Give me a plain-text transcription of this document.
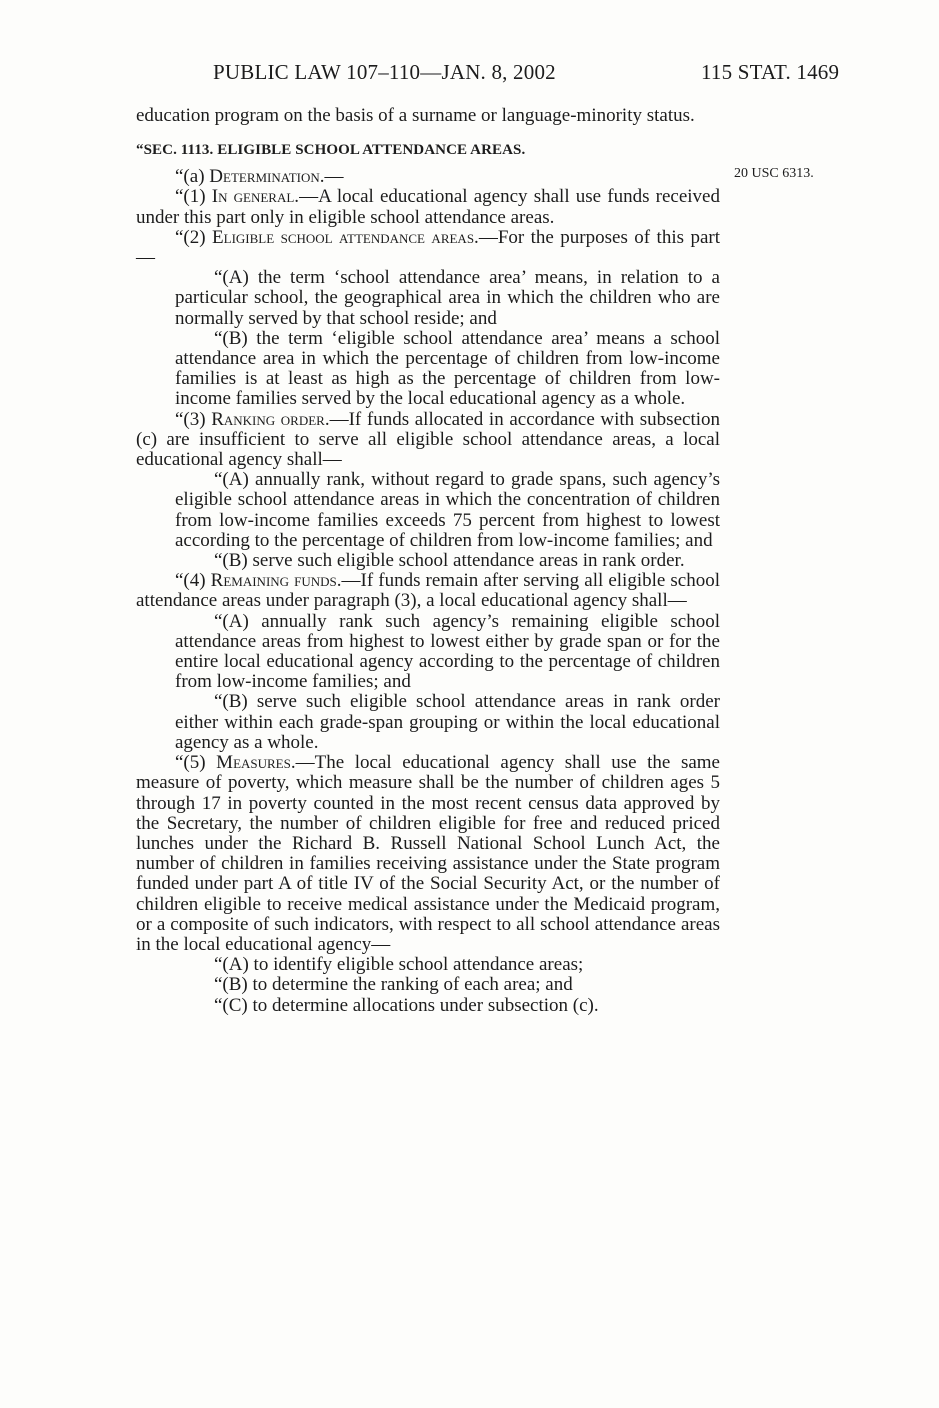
PUBLIC LAW 107–110—JAN. 8, 2002	115 STAT. 1469
20 USC 6313.

education program on the basis of a surname or language-minority status.

“SEC. 1113. ELIGIBLE SCHOOL ATTENDANCE AREAS.

“(a) Determination.—

“(1) In general.—A local educational agency shall use funds received under this part only in eligible school attendance areas.

“(2) Eligible school attendance areas.—For the purposes of this part—

“(A) the term ‘school attendance area’ means, in relation to a particular school, the geographical area in which the children who are normally served by that school reside; and

“(B) the term ‘eligible school attendance area’ means a school attendance area in which the percentage of children from low-income families is at least as high as the percentage of children from low-income families served by the local educational agency as a whole.

“(3) Ranking order.—If funds allocated in accordance with subsection (c) are insufficient to serve all eligible school attendance areas, a local educational agency shall—

“(A) annually rank, without regard to grade spans, such agency’s eligible school attendance areas in which the concentration of children from low-income families exceeds 75 percent from highest to lowest according to the percentage of children from low-income families; and

“(B) serve such eligible school attendance areas in rank order.

“(4) Remaining funds.—If funds remain after serving all eligible school attendance areas under paragraph (3), a local educational agency shall—

“(A) annually rank such agency’s remaining eligible school attendance areas from highest to lowest either by grade span or for the entire local educational agency according to the percentage of children from low-income families; and

“(B) serve such eligible school attendance areas in rank order either within each grade-span grouping or within the local educational agency as a whole.

“(5) Measures.—The local educational agency shall use the same measure of poverty, which measure shall be the number of children ages 5 through 17 in poverty counted in the most recent census data approved by the Secretary, the number of children eligible for free and reduced priced lunches under the Richard B. Russell National School Lunch Act, the number of children in families receiving assistance under the State program funded under part A of title IV of the Social Security Act, or the number of children eligible to receive medical assistance under the Medicaid program, or a composite of such indicators, with respect to all school attendance areas in the local educational agency—

“(A) to identify eligible school attendance areas;

“(B) to determine the ranking of each area; and

“(C) to determine allocations under subsection (c).
